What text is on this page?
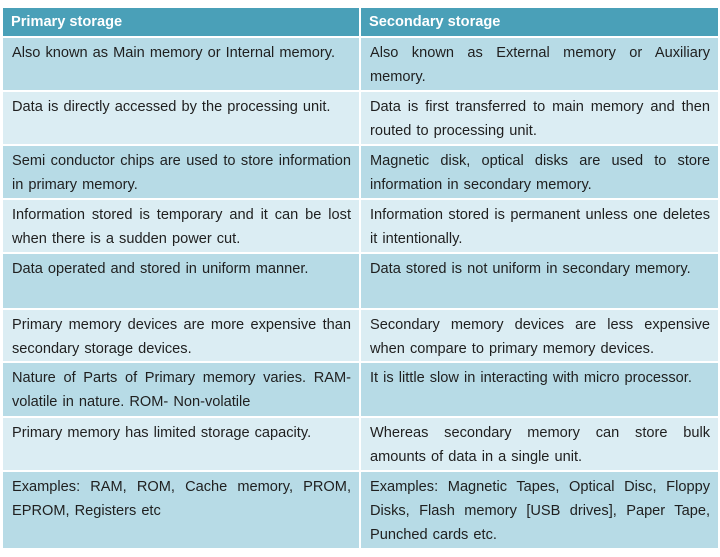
Primary storage	Secondary storage

Also known as Main memory or Internal memory.	Also known as External memory or Auxiliary memory.

Data is directly accessed by the processing unit.	Data is first transferred to main memory and then routed to processing unit.

Semi conductor chips are used to store information in primary memory.	Magnetic disk, optical disks are used to store information in secondary memory.

Information stored is temporary and it can be lost when there is a sudden power cut.	Information stored is permanent unless one deletes it intentionally.

Data operated and stored in uniform manner.	Data stored is not uniform in secondary memory.

Primary memory devices are more expensive than secondary storage devices.	Secondary memory devices are less expensive when compare to primary memory devices.

Nature of Parts of Primary memory varies. RAM- volatile in nature. ROM- Non-volatile	It is little slow in interacting with micro processor.

Primary memory has limited storage capacity.	Whereas secondary memory can store bulk amounts of data in a single unit.

Examples: RAM, ROM, Cache memory, PROM, EPROM, Registers etc	Examples: Magnetic Tapes, Optical Disc, Floppy Disks, Flash memory [USB drives], Paper Tape, Punched cards etc.
